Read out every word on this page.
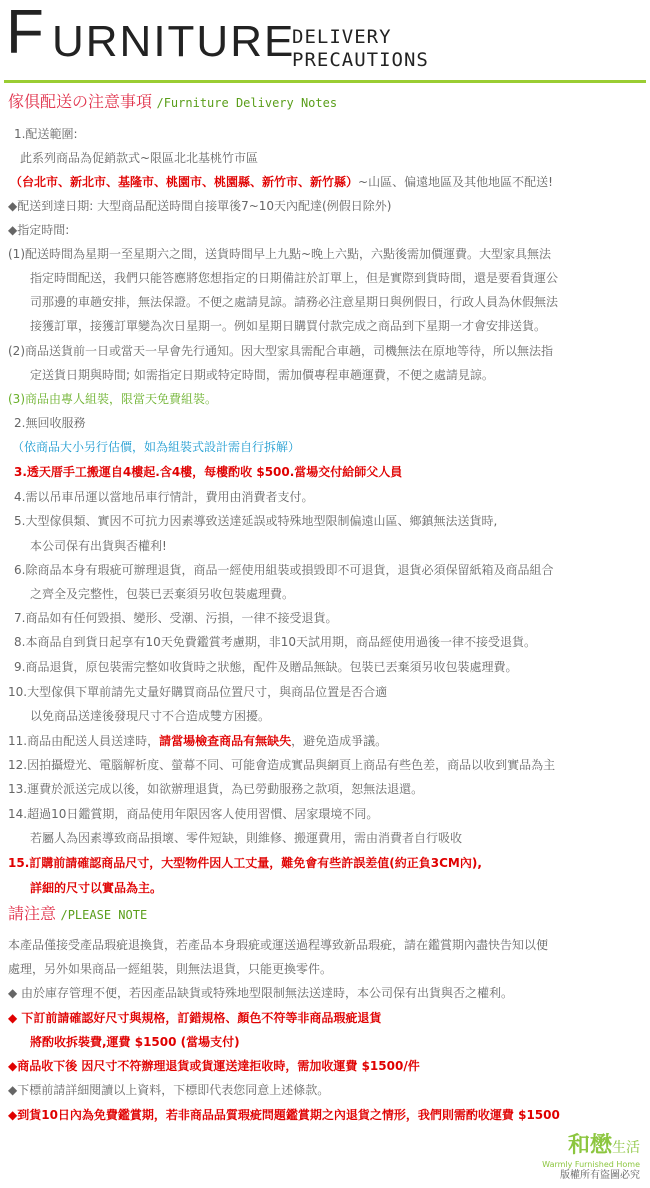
F URNITURE
DELIVERY
PRECAUTIONS
傢俱配送の注意事項 /Furniture Delivery Notes
1.配送範圍:
此系列商品為促銷款式~限區北北基桃竹市區
（台北市、新北市、基隆市、桃園市、桃園縣、新竹市、新竹縣）~山區、偏遠地區及其他地區不配送!
◆配送到達日期: 大型商品配送時間自接單後7~10天內配達(例假日除外)
◆指定時間:
(1)配送時間為星期一至星期六之間，送貨時間早上九點~晚上六點，六點後需加價運費。大型家具無法
指定時間配送，我們只能答應將您想指定的日期備註於訂單上，但是實際到貨時間，還是要看貨運公
司那邊的車趟安排，無法保證。不便之處請見諒。請務必注意星期日與例假日，行政人員為休假無法
接獲訂單，接獲訂單變為次日星期一。例如星期日購買付款完成之商品到下星期一才會安排送貨。
(2)商品送貨前一日或當天一早會先行通知。因大型家具需配合車趟，司機無法在原地等待，所以無法指
定送貨日期與時間; 如需指定日期或特定時間，需加價專程車趟運費，不便之處請見諒。
(3)商品由專人組裝，限當天免費組裝。
2.無回收服務
（依商品大小另行估價，如為組裝式設計需自行拆解）
3.透天厝手工搬運自4樓起.含4樓，每樓酌收 $500.當場交付給師父人員
4.需以吊車吊運以當地吊車行情計，費用由消費者支付。
5.大型傢俱類、實因不可抗力因素導致送達延誤或特殊地型限制偏遠山區、鄉鎮無法送貨時,
本公司保有出貨與否權利!
6.除商品本身有瑕疵可辦理退貨，商品一經使用組裝或損毀即不可退貨，退貨必須保留紙箱及商品組合
之齊全及完整性，包裝已丟棄須另收包裝處理費。
7.商品如有任何毀損、變形、受潮、污損，一律不接受退貨。
8.本商品自到貨日起享有10天免費鑑賞考慮期，非10天試用期，商品經使用過後一律不接受退貨。
9.商品退貨，原包裝需完整如收貨時之狀態，配件及贈品無缺。包裝已丟棄須另收包裝處理費。
10.大型傢俱下單前請先丈量好購買商品位置尺寸，與商品位置是否合適
以免商品送達後發現尺寸不合造成雙方困擾。
11.商品由配送人員送達時，請當場檢查商品有無缺失，避免造成爭議。
12.因拍攝燈光、電腦解析度、螢幕不同、可能會造成實品與網頁上商品有些色差，商品以收到實品為主
13.運費於派送完成以後，如欲辦理退貨，為已勞動服務之款項，恕無法退還。
14.超過10日鑑賞期，商品使用年限因客人使用習慣、居家環境不同。
若屬人為因素導致商品損壞、零件短缺，則維修、搬運費用，需由消費者自行吸收
15.訂購前請確認商品尺寸，大型物件因人工丈量，難免會有些許誤差值(約正負3CM內),
詳細的尺寸以實品為主。
請注意 /PLEASE NOTE
本產品僅接受產品瑕疵退換貨，若產品本身瑕疵或運送過程導致新品瑕疵，請在鑑賞期內盡快告知以便
處理，另外如果商品一經組裝，則無法退貨，只能更換零件。
◆ 由於庫存管理不便，若因產品缺貨或特殊地型限制無法送達時，本公司保有出貨與否之權利。
◆ 下訂前請確認好尺寸與規格，訂錯規格、顏色不符等非商品瑕疵退貨
將酌收拆裝費,運費 $1500 (當場支付)
◆商品收下後 因尺寸不符辦理退貨或貨運送達拒收時，需加收運費 $1500/件
◆下標前請詳細閱讀以上資料，下標即代表您同意上述條款。
◆到貨10日內為免費鑑賞期，若非商品品質瑕疵問題鑑賞期之內退貨之情形，我們則需酌收運費 $1500
和懋生活
Warmly Furnished Home
版權所有盜圖必究
